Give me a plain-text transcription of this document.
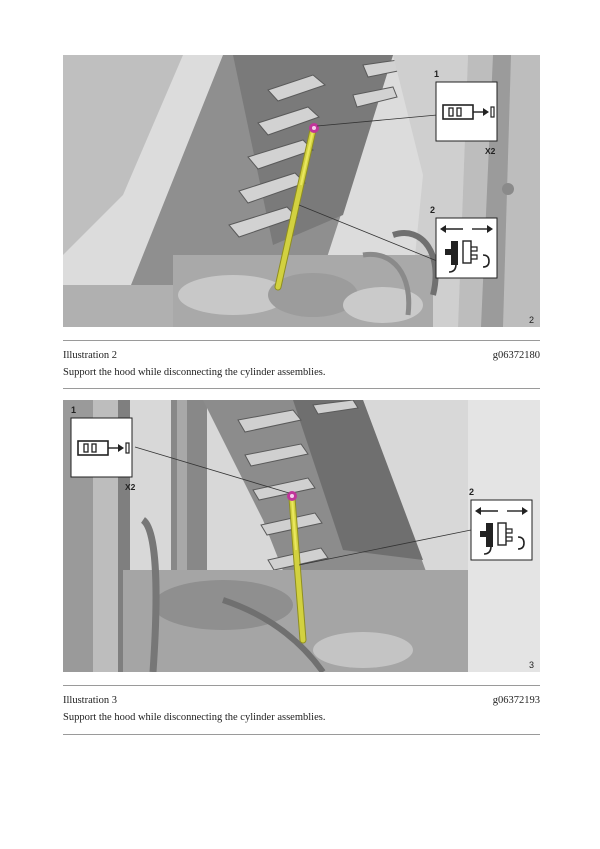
1
X2
2
2
Illustration 2	g06372180
Support the hood while disconnecting the cylinder assemblies.
1
X2	2
3
Illustration 3	g06372193
Support the hood while disconnecting the cylinder assemblies.
